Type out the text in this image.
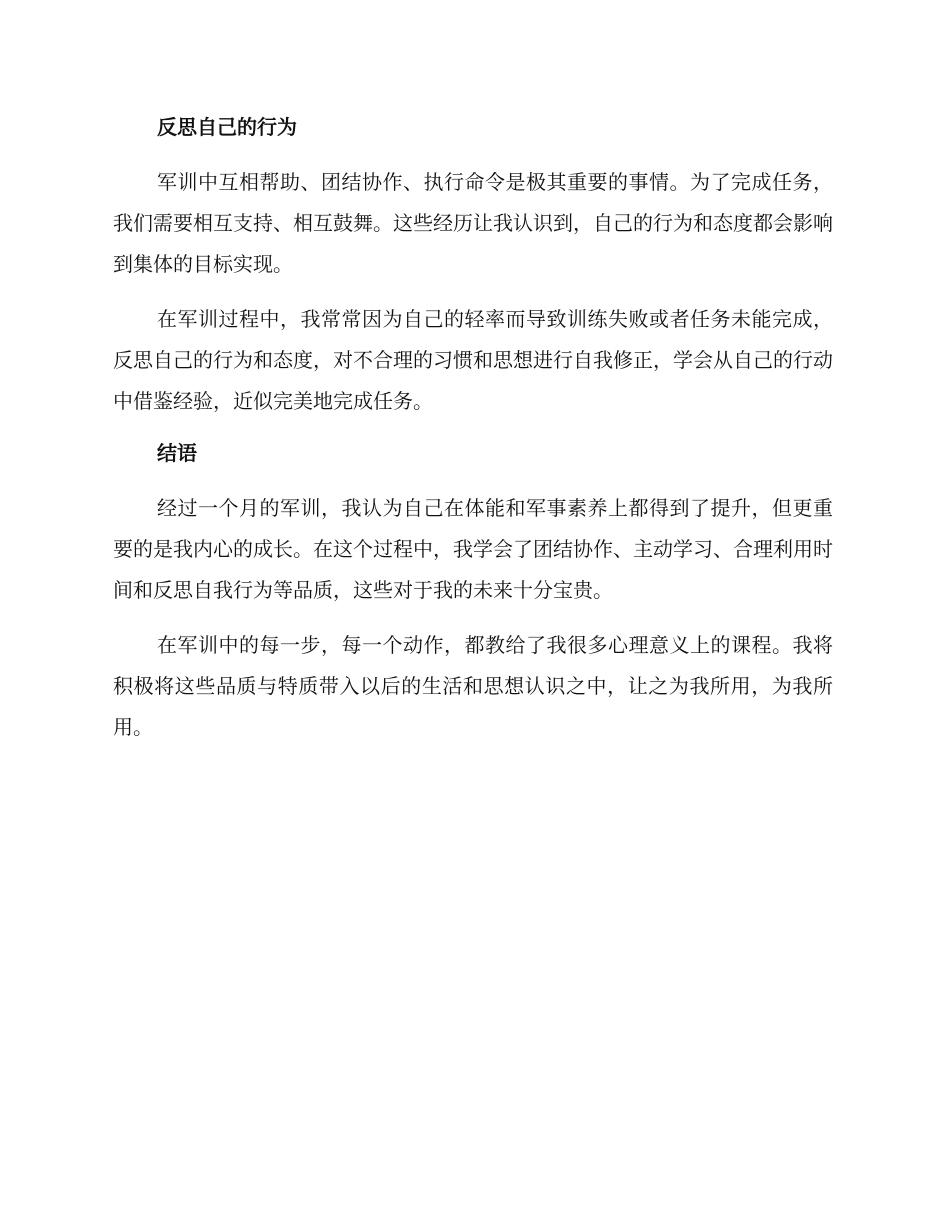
反思自己的行为

军训中互相帮助、团结协作、执行命令是极其重要的事情。为了完成任务，我们需要相互支持、相互鼓舞。这些经历让我认识到，自己的行为和态度都会影响到集体的目标实现。

在军训过程中，我常常因为自己的轻率而导致训练失败或者任务未能完成，反思自己的行为和态度，对不合理的习惯和思想进行自我修正，学会从自己的行动中借鉴经验，近似完美地完成任务。

结语

经过一个月的军训，我认为自己在体能和军事素养上都得到了提升，但更重要的是我内心的成长。在这个过程中，我学会了团结协作、主动学习、合理利用时间和反思自我行为等品质，这些对于我的未来十分宝贵。

在军训中的每一步，每一个动作，都教给了我很多心理意义上的课程。我将积极将这些品质与特质带入以后的生活和思想认识之中，让之为我所用，为我所用。
